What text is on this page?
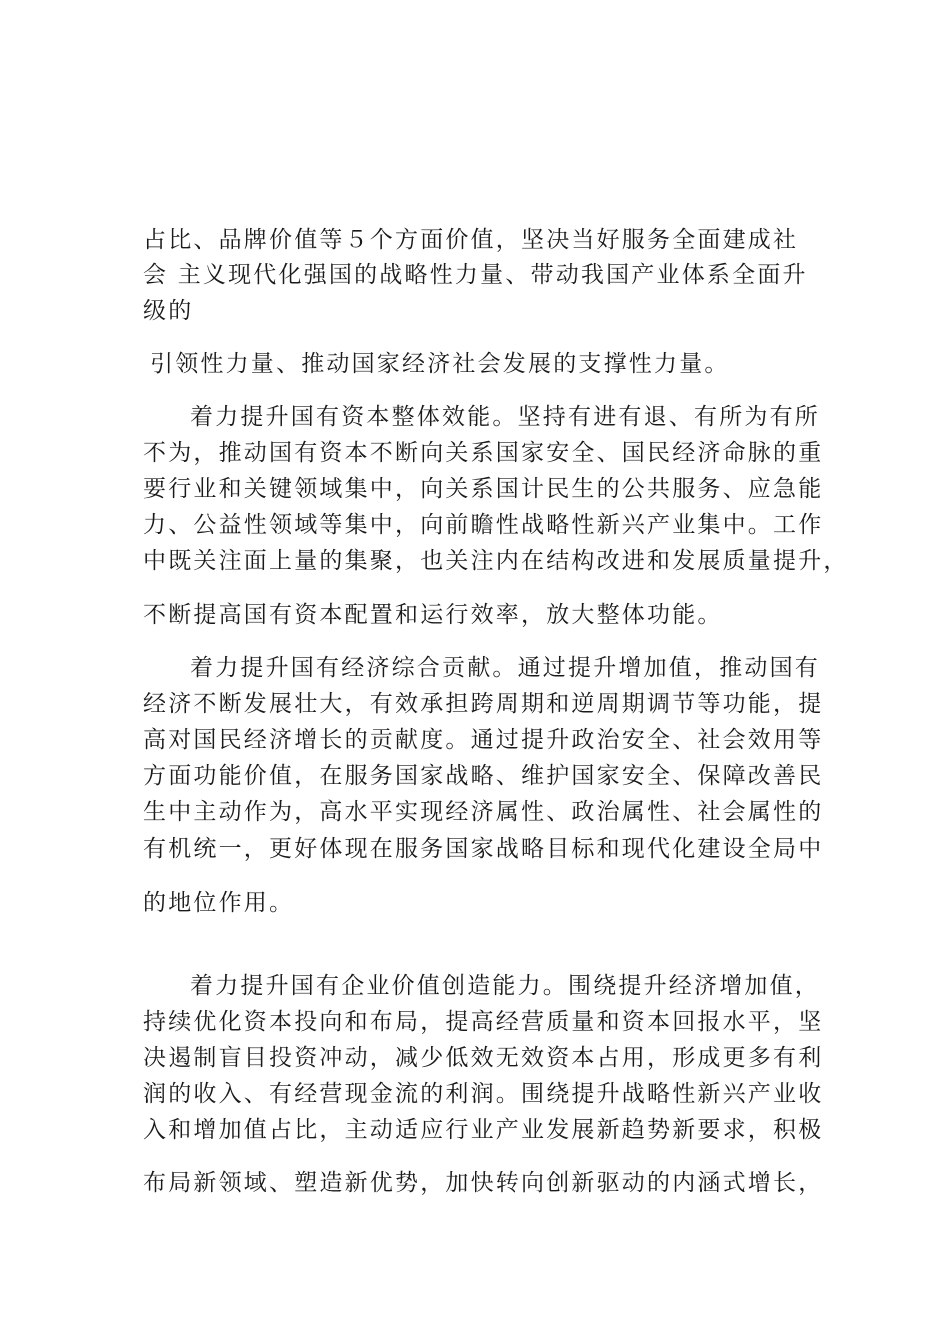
占比、品牌价值等５个方面价值，坚决当好服务全面建成社
会 主义现代化强国的战略性力量、带动我国产业体系全面升
级的
引领性力量、推动国家经济社会发展的支撑性力量。
着力提升国有资本整体效能。坚持有进有退、有所为有所
不为，推动国有资本不断向关系国家安全、国民经济命脉的重
要行业和关键领域集中，向关系国计民生的公共服务、应急能
力、公益性领域等集中，向前瞻性战略性新兴产业集中。工作
中既关注面上量的集聚，也关注内在结构改进和发展质量提升，
不断提高国有资本配置和运行效率，放大整体功能。
着力提升国有经济综合贡献。通过提升增加值，推动国有
经济不断发展壮大，有效承担跨周期和逆周期调节等功能，提
高对国民经济增长的贡献度。通过提升政治安全、社会效用等
方面功能价值，在服务国家战略、维护国家安全、保障改善民
生中主动作为，高水平实现经济属性、政治属性、社会属性的
有机统一，更好体现在服务国家战略目标和现代化建设全局中
的地位作用。
着力提升国有企业价值创造能力。围绕提升经济增加值，
持续优化资本投向和布局，提高经营质量和资本回报水平，坚
决遏制盲目投资冲动，减少低效无效资本占用，形成更多有利
润的收入、有经营现金流的利润。围绕提升战略性新兴产业收
入和增加值占比，主动适应行业产业发展新趋势新要求，积极
布局新领域、塑造新优势，加快转向创新驱动的内涵式增长，
